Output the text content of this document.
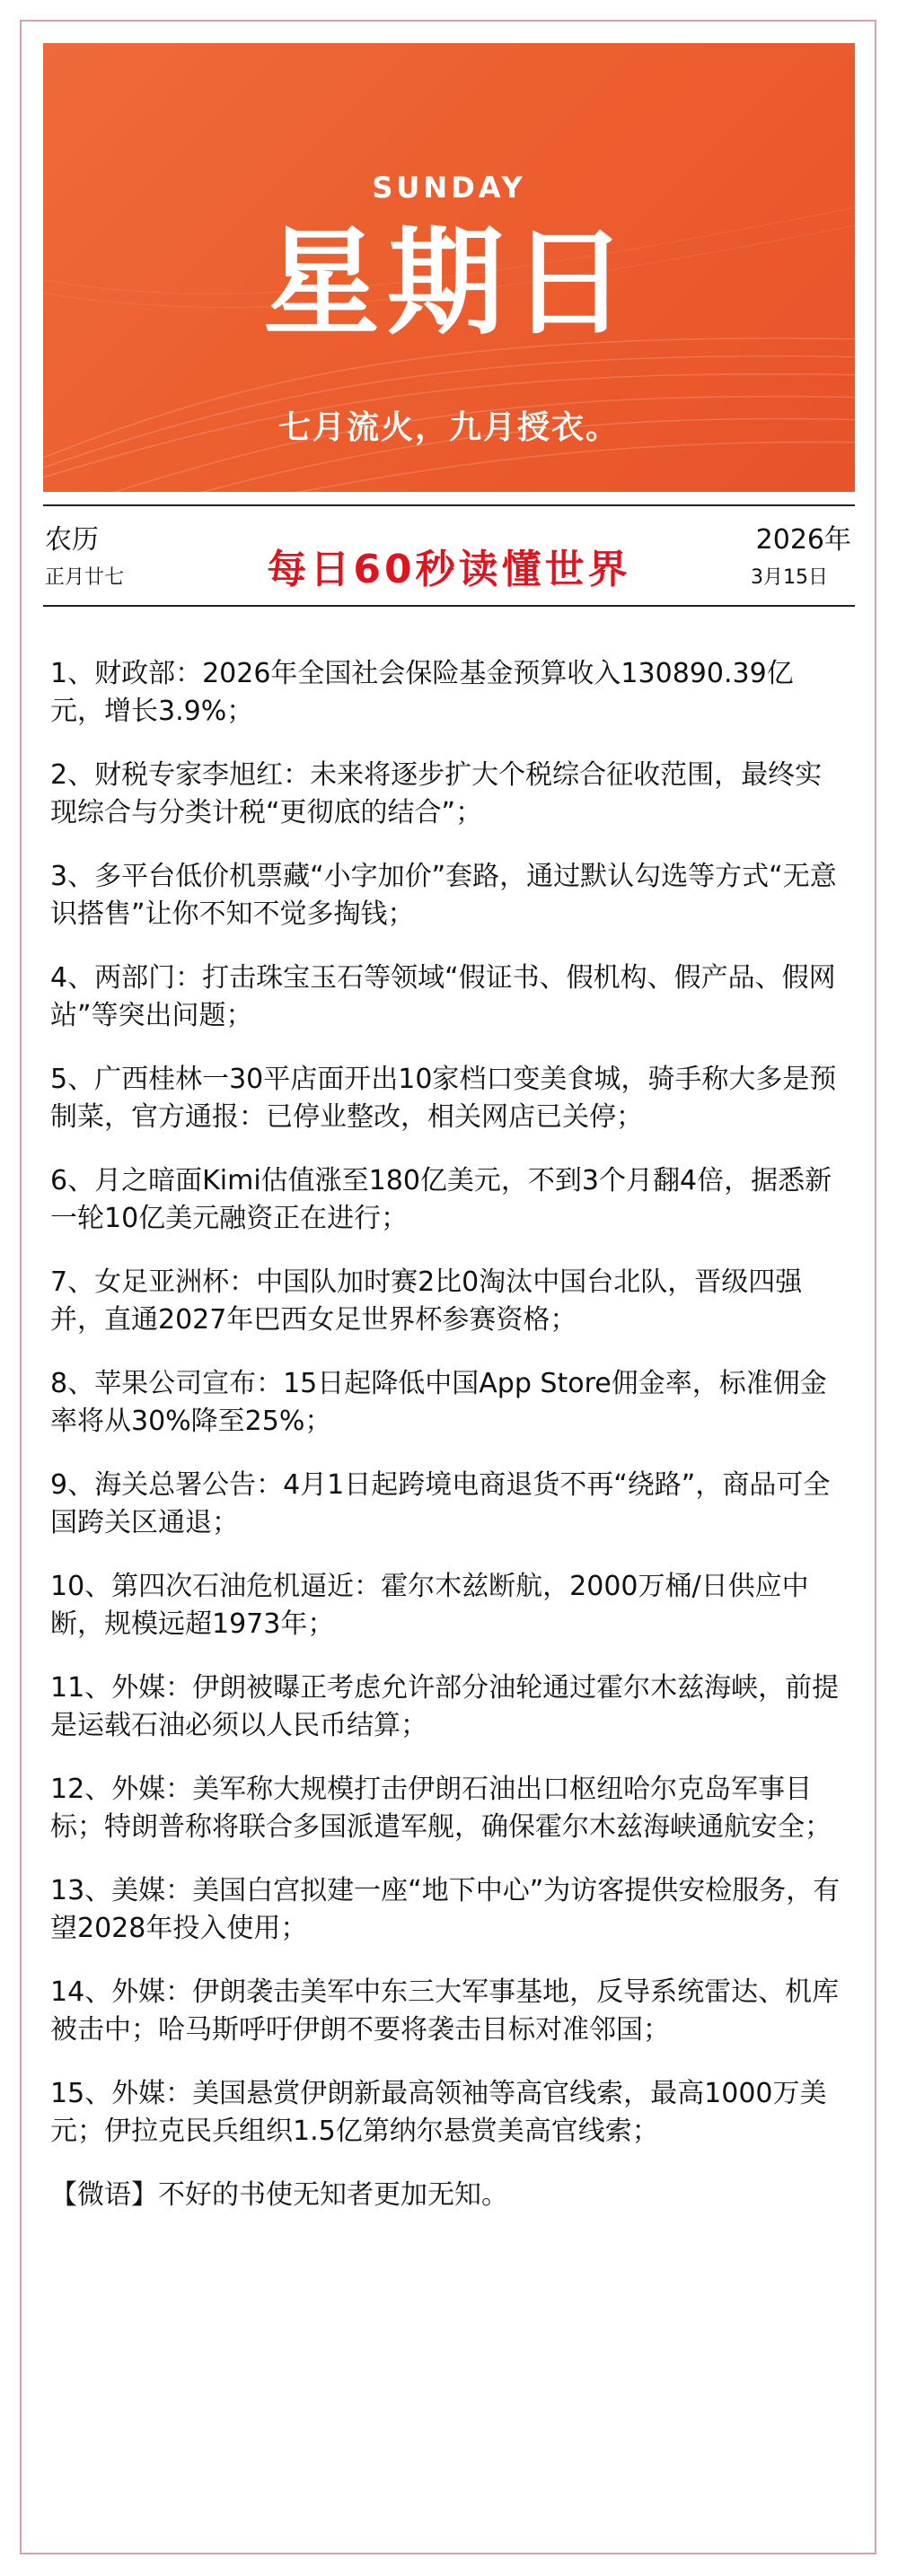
SUNDAY
星期日
七月流火，九月授衣。
农历
正月廿七	每日60秒读懂世界
2026年
3月15日
1、财政部：2026年全国社会保险基金预算收入130890.39亿元，增长3.9%；
2、财税专家李旭红：未来将逐步扩大个税综合征收范围，最终实现综合与分类计税“更彻底的结合”；
3、多平台低价机票藏“小字加价”套路，通过默认勾选等方式“无意识搭售”让你不知不觉多掏钱；
4、两部门：打击珠宝玉石等领域“假证书、假机构、假产品、假网站”等突出问题；
5、广西桂林一30平店面开出10家档口变美食城，骑手称大多是预制菜，官方通报：已停业整改，相关网店已关停；
6、月之暗面Kimi估值涨至180亿美元，不到3个月翻4倍，据悉新一轮10亿美元融资正在进行；
7、女足亚洲杯：中国队加时赛2比0淘汰中国台北队，晋级四强并，直通2027年巴西女足世界杯参赛资格；
8、苹果公司宣布：15日起降低中国App Store佣金率，标准佣金率将从30%降至25%；
9、海关总署公告：4月1日起跨境电商退货不再“绕路”，商品可全国跨关区通退；
10、第四次石油危机逼近：霍尔木兹断航，2000万桶/日供应中断，规模远超1973年；
11、外媒：伊朗被曝正考虑允许部分油轮通过霍尔木兹海峡，前提是运载石油必须以人民币结算；
12、外媒：美军称大规模打击伊朗石油出口枢纽哈尔克岛军事目标；特朗普称将联合多国派遣军舰，确保霍尔木兹海峡通航安全；
13、美媒：美国白宫拟建一座“地下中心”为访客提供安检服务，有望2028年投入使用；
14、外媒：伊朗袭击美军中东三大军事基地，反导系统雷达、机库被击中；哈马斯呼吁伊朗不要将袭击目标对准邻国；
15、外媒：美国悬赏伊朗新最高领袖等高官线索，最高1000万美元；伊拉克民兵组织1.5亿第纳尔悬赏美高官线索；
【微语】不好的书使无知者更加无知。
